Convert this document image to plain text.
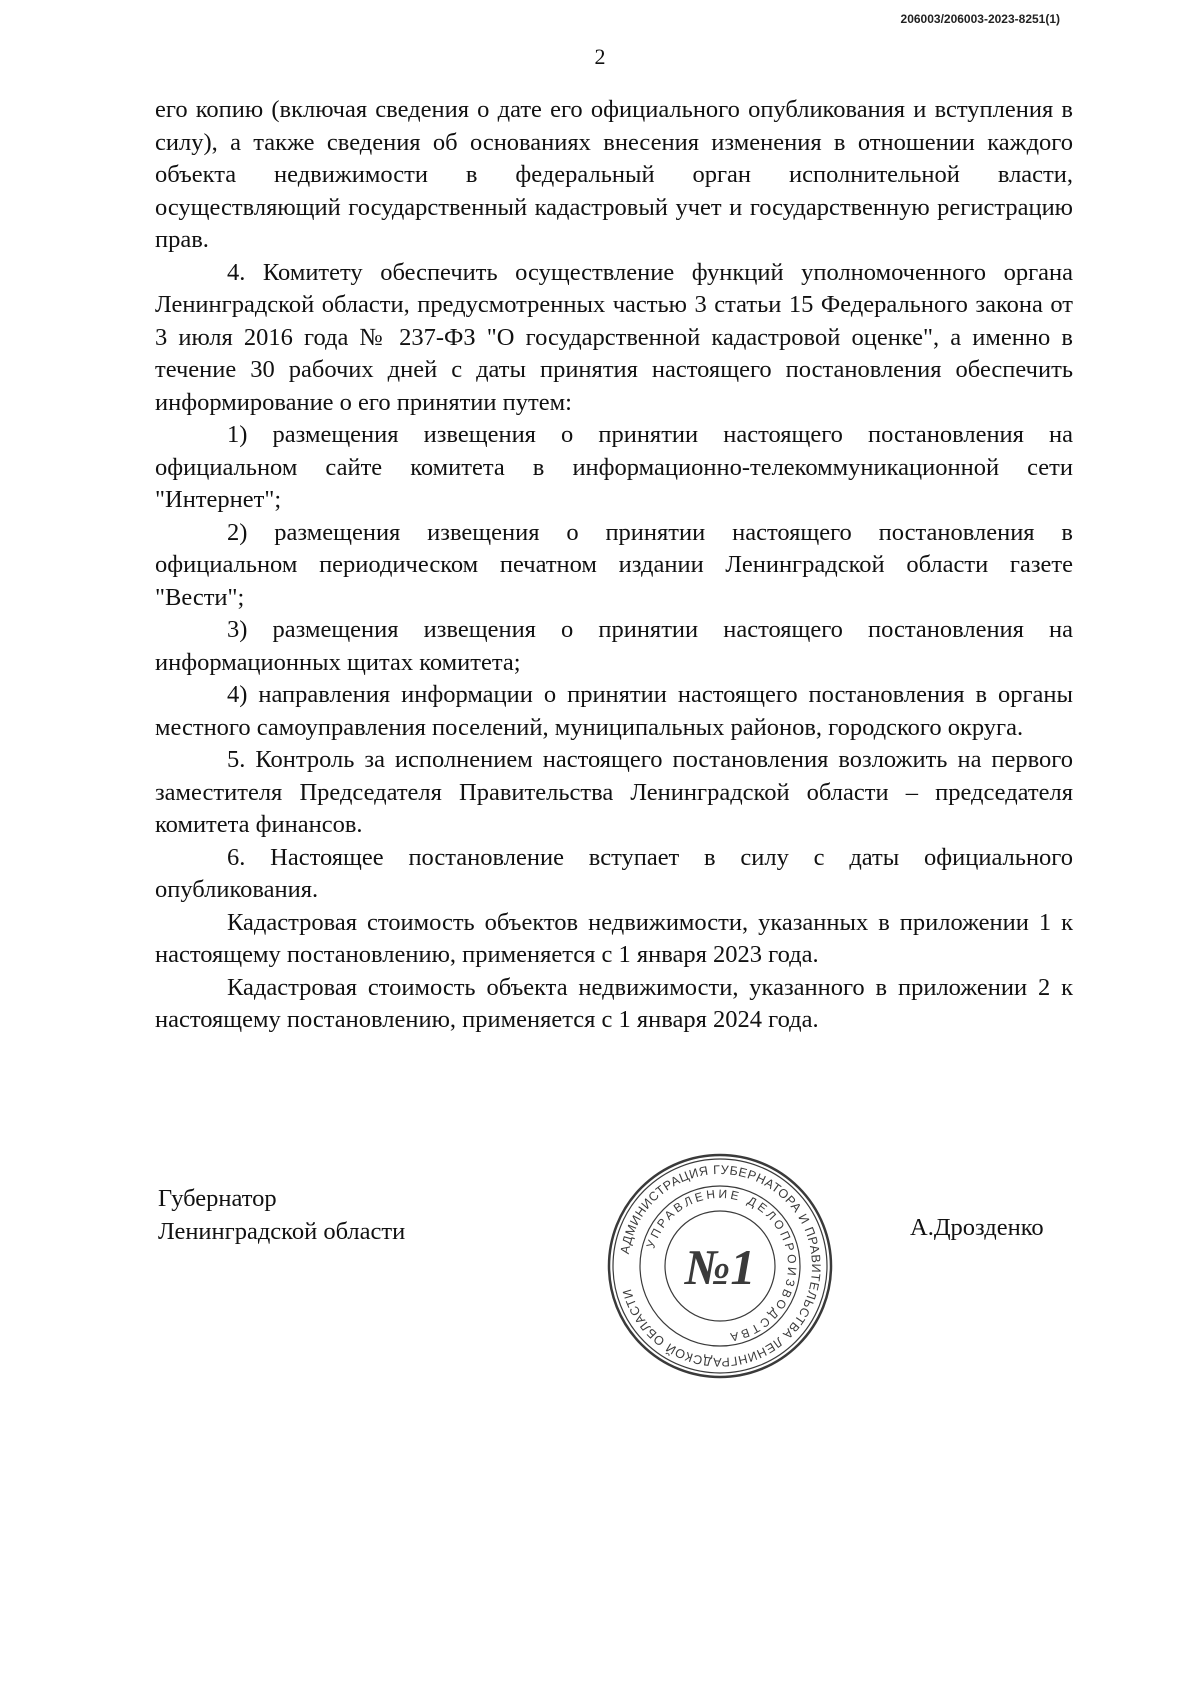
206003/206003-2023-8251(1)
2

его копию (включая сведения о дате его официального опубликования и вступления в силу), а также сведения об основаниях внесения изменения в отношении каждого объекта недвижимости в федеральный орган исполнительной власти, осуществляющий государственный кадастровый учет и государственную регистрацию прав.

4. Комитету обеспечить осуществление функций уполномоченного органа Ленинградской области, предусмотренных частью 3 статьи 15 Федерального закона от 3 июля 2016 года № 237-ФЗ "О государственной кадастровой оценке", а именно в течение 30 рабочих дней с даты принятия настоящего постановления обеспечить информирование о его принятии путем:

1) размещения извещения о принятии настоящего постановления на официальном сайте комитета в информационно-телекоммуникационной сети "Интернет";

2) размещения извещения о принятии настоящего постановления в официальном периодическом печатном издании Ленинградской области газете "Вести";

3) размещения извещения о принятии настоящего постановления на информационных щитах комитета;

4) направления информации о принятии настоящего постановления в органы местного самоуправления поселений, муниципальных районов, городского округа.

5. Контроль за исполнением настоящего постановления возложить на первого заместителя Председателя Правительства Ленинградской области – председателя комитета финансов.

6. Настоящее постановление вступает в силу с даты официального опубликования.

Кадастровая стоимость объектов недвижимости, указанных в приложении 1 к настоящему постановлению, применяется с 1 января 2023 года.

Кадастровая стоимость объекта недвижимости, указанного в приложении 2 к настоящему постановлению, применяется с 1 января 2024 года.

Губернатор
Ленинградской области	А.Дрозденко
АДМИНИСТРАЦИЯ ГУБЕРНАТОРА И ПРАВИТЕЛЬСТВА ЛЕНИНГРАДСКОЙ ОБЛАСТИ
УПРАВЛЕНИЕ ДЕЛОПРОИЗВОДСТВА
№1
